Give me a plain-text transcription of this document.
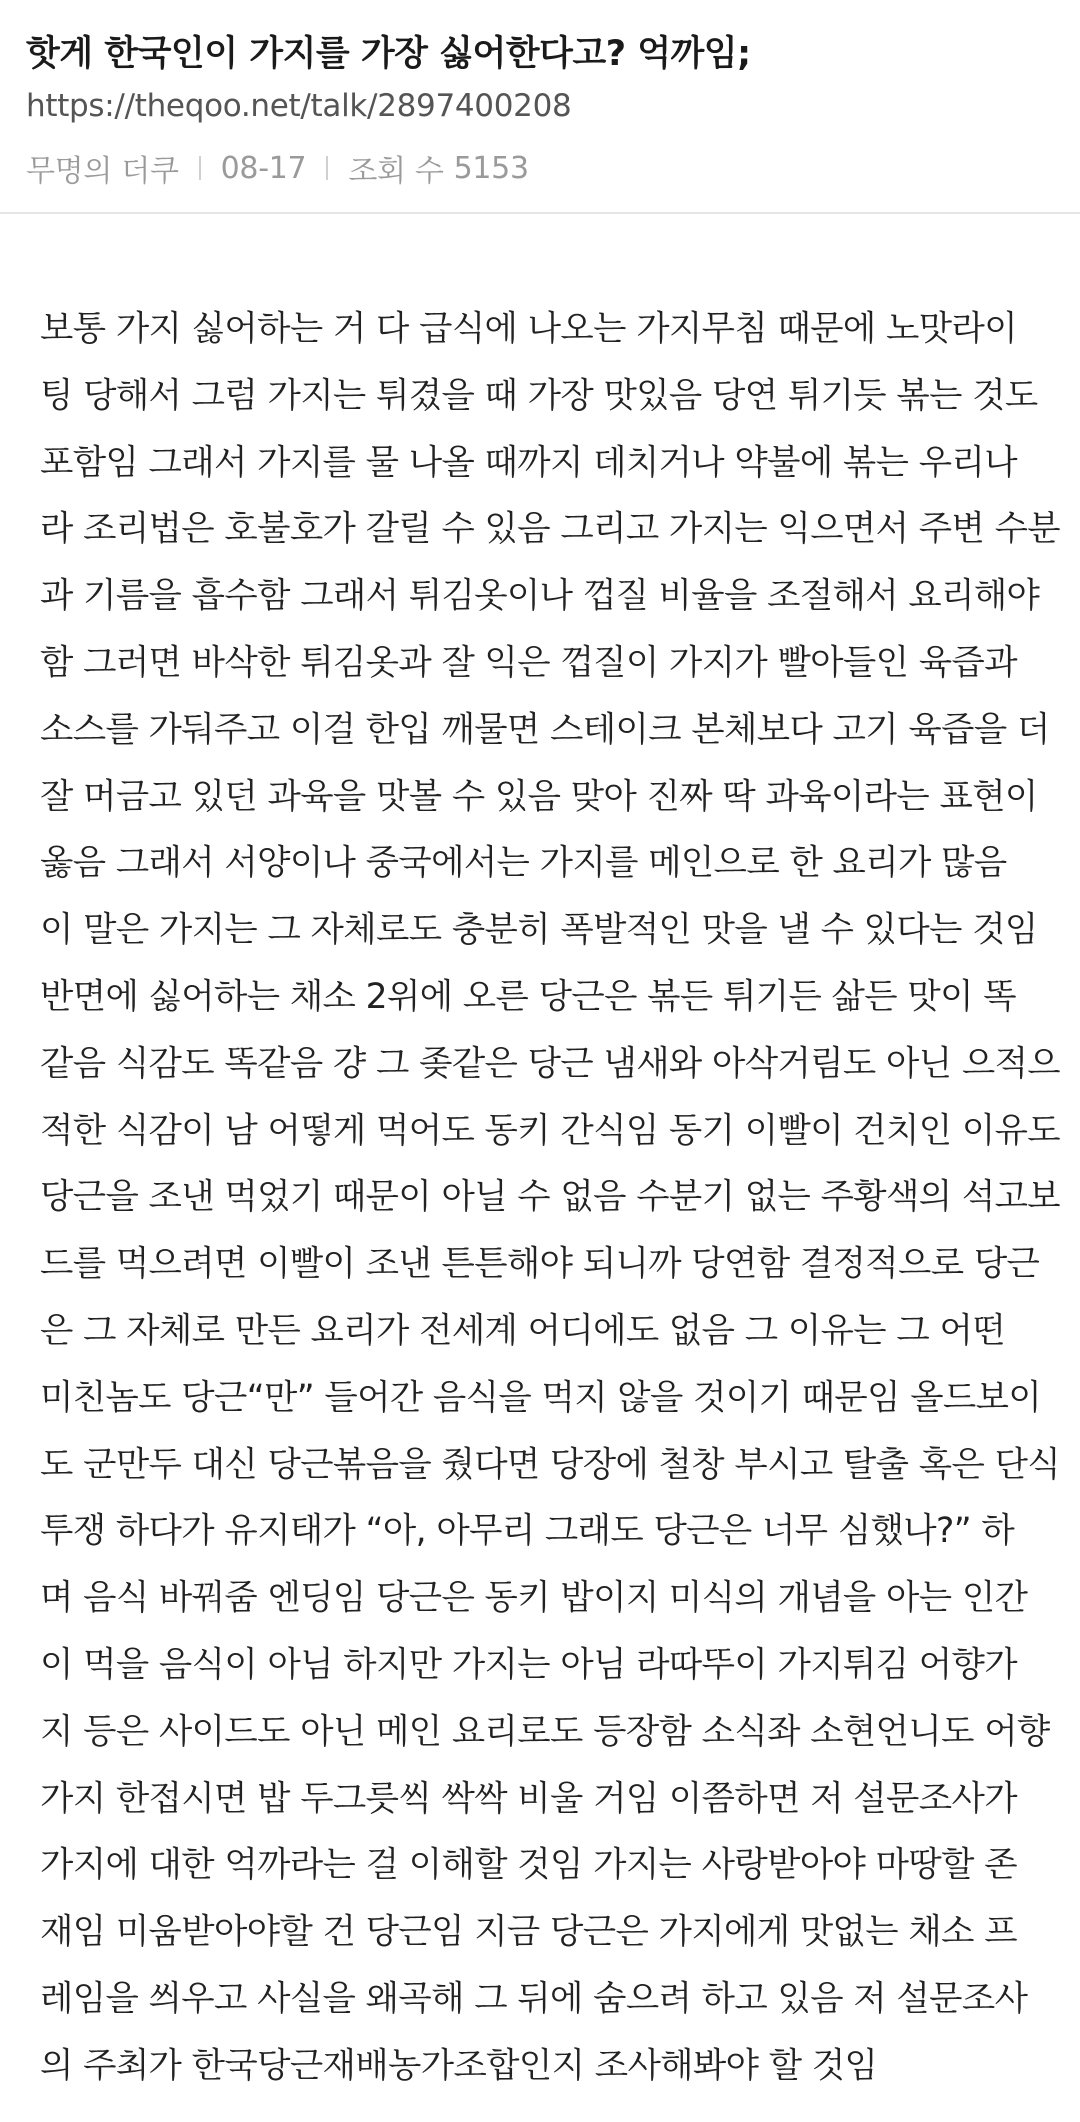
핫게 한국인이 가지를 가장 싫어한다고? 억까임;
https://theqoo.net/talk/2897400208
무명의 더쿠 08-17 조회 수 5153
보통 가지 싫어하는 거 다 급식에 나오는 가지무침 때문에 노맛라이
팅 당해서 그럼 가지는 튀겼을 때 가장 맛있음 당연 튀기듯 볶는 것도
포함임 그래서 가지를 물 나올 때까지 데치거나 약불에 볶는 우리나
라 조리법은 호불호가 갈릴 수 있음 그리고 가지는 익으면서 주변 수분
과 기름을 흡수함 그래서 튀김옷이나 껍질 비율을 조절해서 요리해야
함 그러면 바삭한 튀김옷과 잘 익은 껍질이 가지가 빨아들인 육즙과
소스를 가둬주고 이걸 한입 깨물면 스테이크 본체보다 고기 육즙을 더
잘 머금고 있던 과육을 맛볼 수 있음 맞아 진짜 딱 과육이라는 표현이
옳음 그래서 서양이나 중국에서는 가지를 메인으로 한 요리가 많음
이 말은 가지는 그 자체로도 충분히 폭발적인 맛을 낼 수 있다는 것임
반면에 싫어하는 채소 2위에 오른 당근은 볶든 튀기든 삶든 맛이 똑
같음 식감도 똑같음 걍 그 좆같은 당근 냄새와 아삭거림도 아닌 으적으
적한 식감이 남 어떻게 먹어도 동키 간식임 동기 이빨이 건치인 이유도
당근을 조낸 먹었기 때문이 아닐 수 없음 수분기 없는 주황색의 석고보
드를 먹으려면 이빨이 조낸 튼튼해야 되니까 당연함 결정적으로 당근
은 그 자체로 만든 요리가 전세계 어디에도 없음 그 이유는 그 어떤
미친놈도 당근“만” 들어간 음식을 먹지 않을 것이기 때문임 올드보이
도 군만두 대신 당근볶음을 줬다면 당장에 철창 부시고 탈출 혹은 단식
투쟁 하다가 유지태가 “아, 아무리 그래도 당근은 너무 심했나?” 하
며 음식 바꿔줌 엔딩임 당근은 동키 밥이지 미식의 개념을 아는 인간
이 먹을 음식이 아님 하지만 가지는 아님 라따뚜이 가지튀김 어향가
지 등은 사이드도 아닌 메인 요리로도 등장함 소식좌 소현언니도 어향
가지 한접시면 밥 두그릇씩 싹싹 비울 거임 이쯤하면 저 설문조사가
가지에 대한 억까라는 걸 이해할 것임 가지는 사랑받아야 마땅할 존
재임 미움받아야할 건 당근임 지금 당근은 가지에게 맛없는 채소 프
레임을 씌우고 사실을 왜곡해 그 뒤에 숨으려 하고 있음 저 설문조사
의 주최가 한국당근재배농가조합인지 조사해봐야 할 것임
